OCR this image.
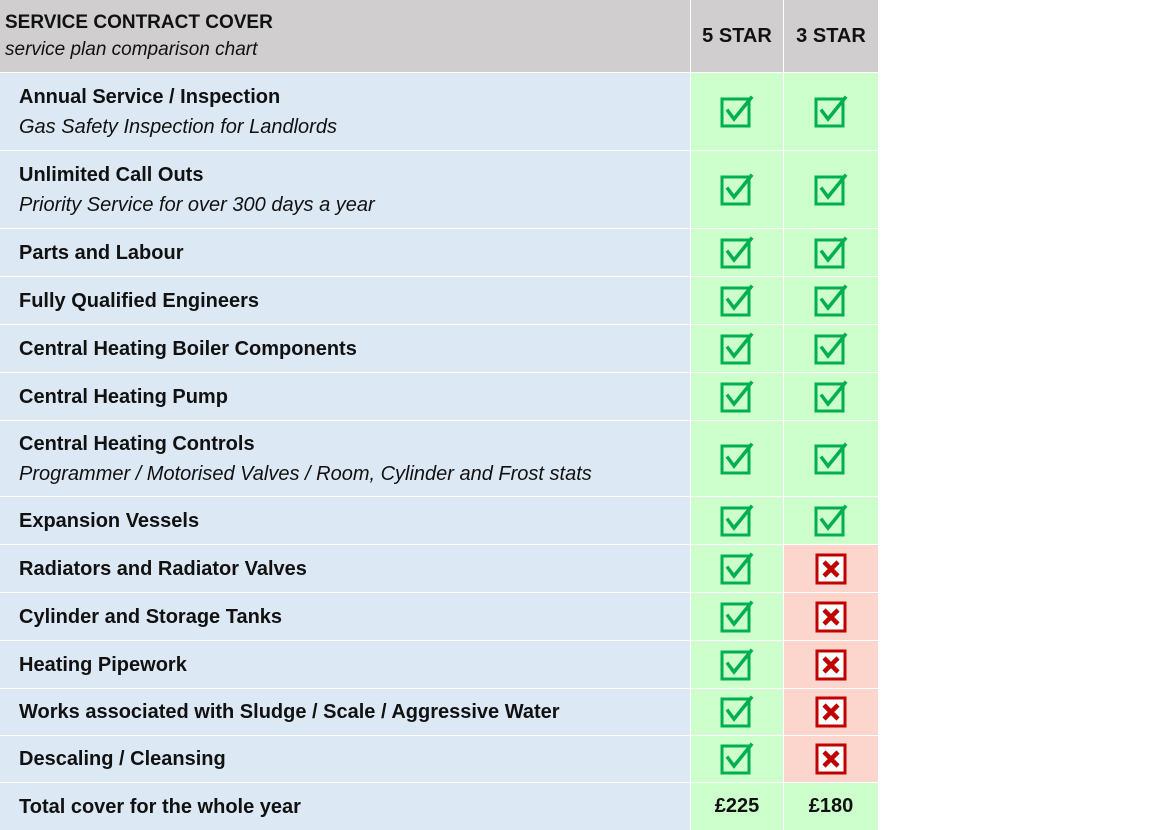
SERVICE CONTRACT COVER
service plan comparison chart
5 STAR 3 STAR
Annual Service / Inspection
Gas Safety Inspection for Landlords
Unlimited Call Outs
Priority Service for over 300 days a year
Parts and Labour
Fully Qualified Engineers
Central Heating Boiler Components
Central Heating Pump
Central Heating Controls
Programmer / Motorised Valves / Room, Cylinder and Frost stats
Expansion Vessels
Radiators and Radiator Valves
Cylinder and Storage Tanks
Heating Pipework
Works associated with Sludge / Scale / Aggressive Water
Descaling / Cleansing
Total cover for the whole year	£225 £180
